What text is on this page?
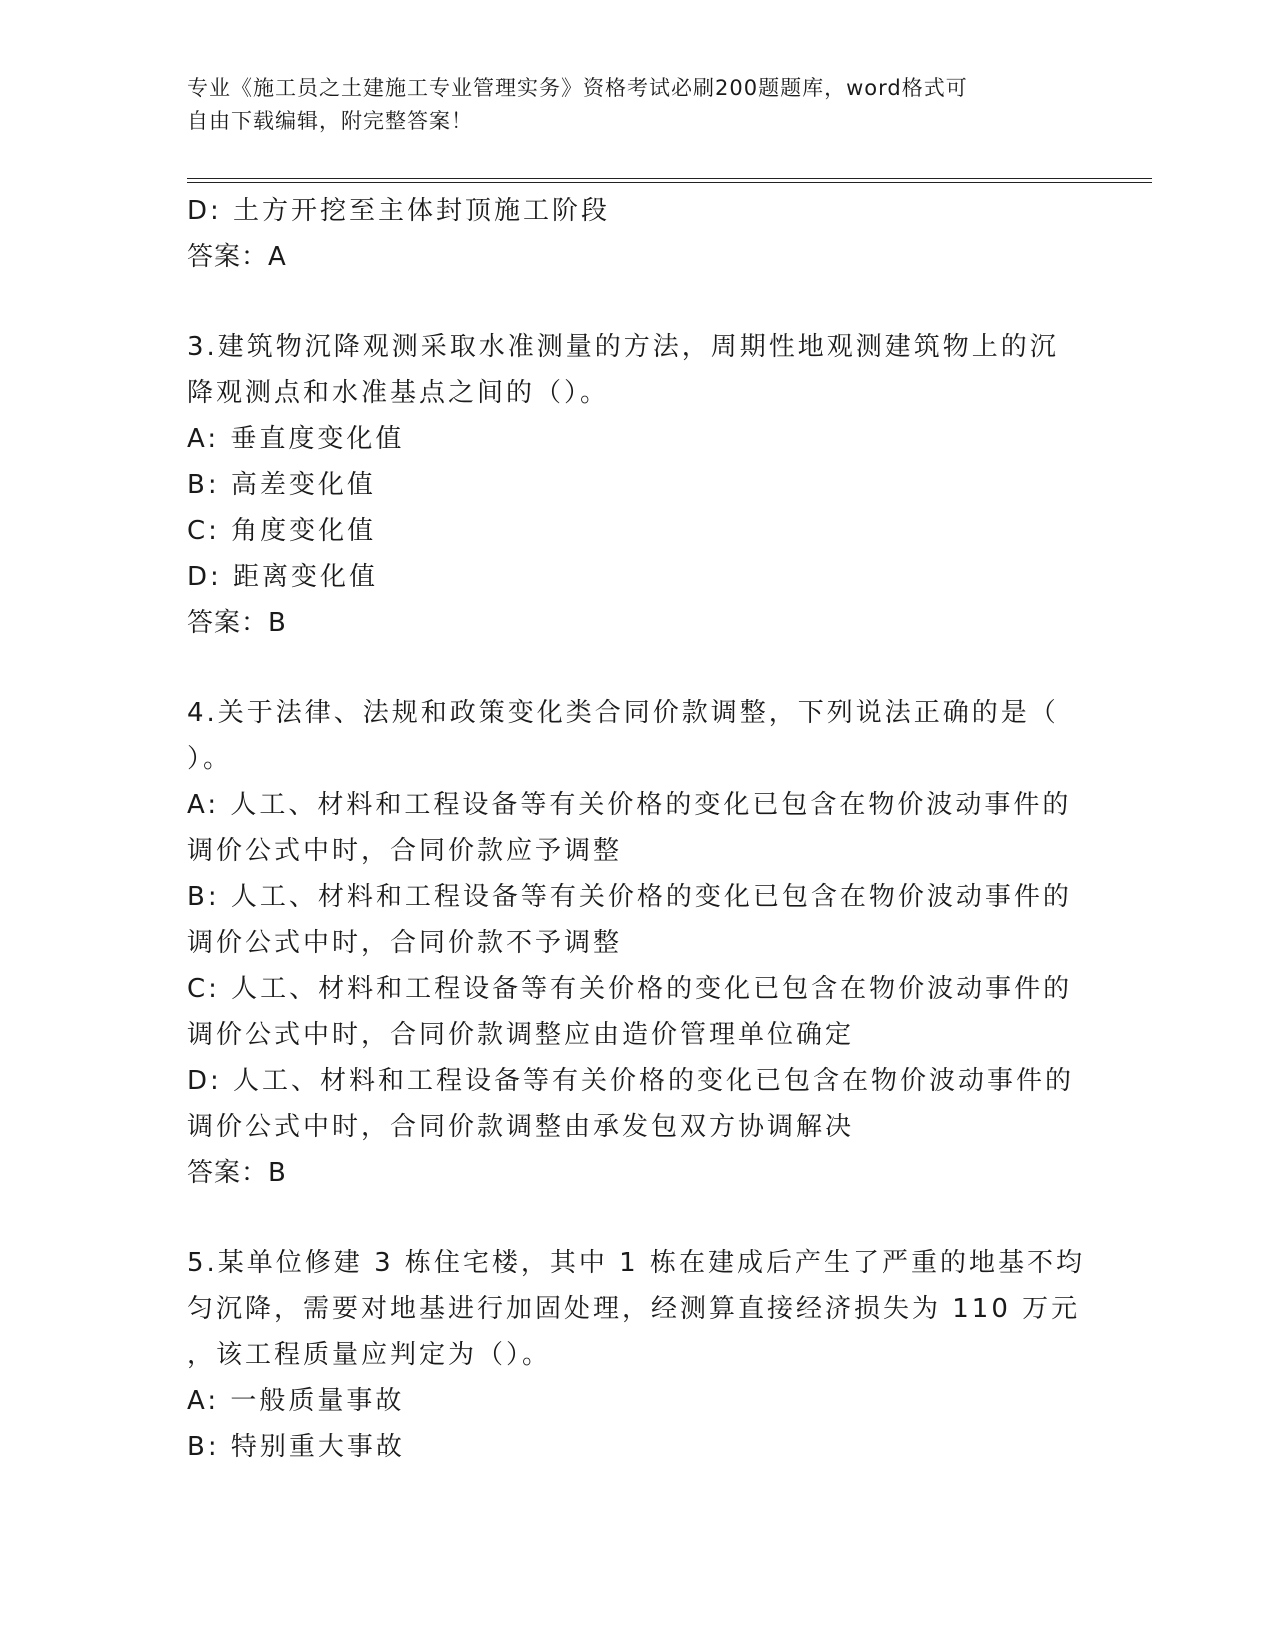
专业《施工员之土建施工专业管理实务》资格考试必刷200题题库，word格式可
自由下载编辑，附完整答案！
D: 土方开挖至主体封顶施工阶段
答案：A
3.建筑物沉降观测采取水准测量的方法，周期性地观测建筑物上的沉
降观测点和水准基点之间的（）。
A: 垂直度变化值
B: 高差变化值
C: 角度变化值
D: 距离变化值
答案：B
4.关于法律、法规和政策变化类合同价款调整，下列说法正确的是（
）。
A: 人工、材料和工程设备等有关价格的变化已包含在物价波动事件的
调价公式中时，合同价款应予调整
B: 人工、材料和工程设备等有关价格的变化已包含在物价波动事件的
调价公式中时，合同价款不予调整
C: 人工、材料和工程设备等有关价格的变化已包含在物价波动事件的
调价公式中时，合同价款调整应由造价管理单位确定
D: 人工、材料和工程设备等有关价格的变化已包含在物价波动事件的
调价公式中时，合同价款调整由承发包双方协调解决
答案：B
5.某单位修建 3 栋住宅楼，其中 1 栋在建成后产生了严重的地基不均
匀沉降，需要对地基进行加固处理，经测算直接经济损失为 110 万元
，该工程质量应判定为（）。
A: 一般质量事故
B: 特别重大事故
